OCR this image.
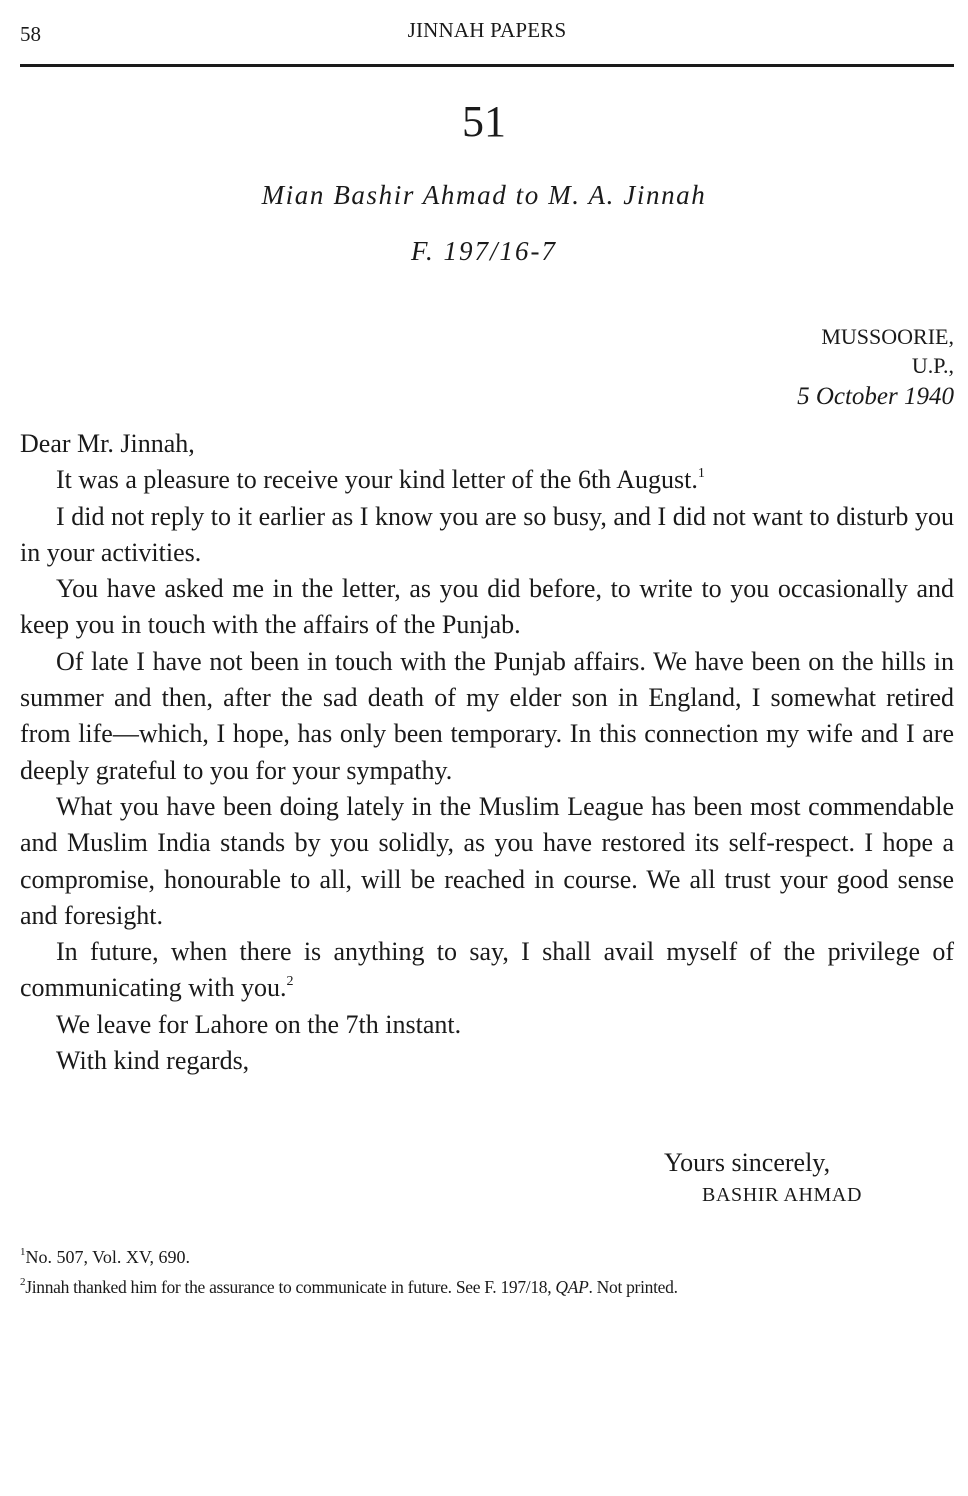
58	JINNAH PAPERS
51
Mian Bashir Ahmad to M. A. Jinnah
F. 197/16-7
MUSSOORIE,
U.P.,
5 October 1940

Dear Mr. Jinnah,

It was a pleasure to receive your kind letter of the 6th August.$^1$

I did not reply to it earlier as I know you are so busy, and I did not want to disturb you in your activities.

You have asked me in the letter, as you did before, to write to you occasionally and keep you in touch with the affairs of the Punjab.

Of late I have not been in touch with the Punjab affairs. We have been on the hills in summer and then, after the sad death of my elder son in England, I somewhat retired from life—which, I hope, has only been temporary. In this connection my wife and I are deeply grateful to you for your sympathy.

What you have been doing lately in the Muslim League has been most commendable and Muslim India stands by you solidly, as you have restored its self-respect. I hope a compromise, honourable to all, will be reached in course. We all trust your good sense and foresight.

In future, when there is anything to say, I shall avail myself of the privilege of communicating with you.$^2$

We leave for Lahore on the 7th instant.

With kind regards,

Yours sincerely,
BASHIR AHMAD
$^1$No. 507, Vol. XV, 690.
$^2$Jinnah thanked him for the assurance to communicate in future. See F. 197/18, QAP. Not printed.
